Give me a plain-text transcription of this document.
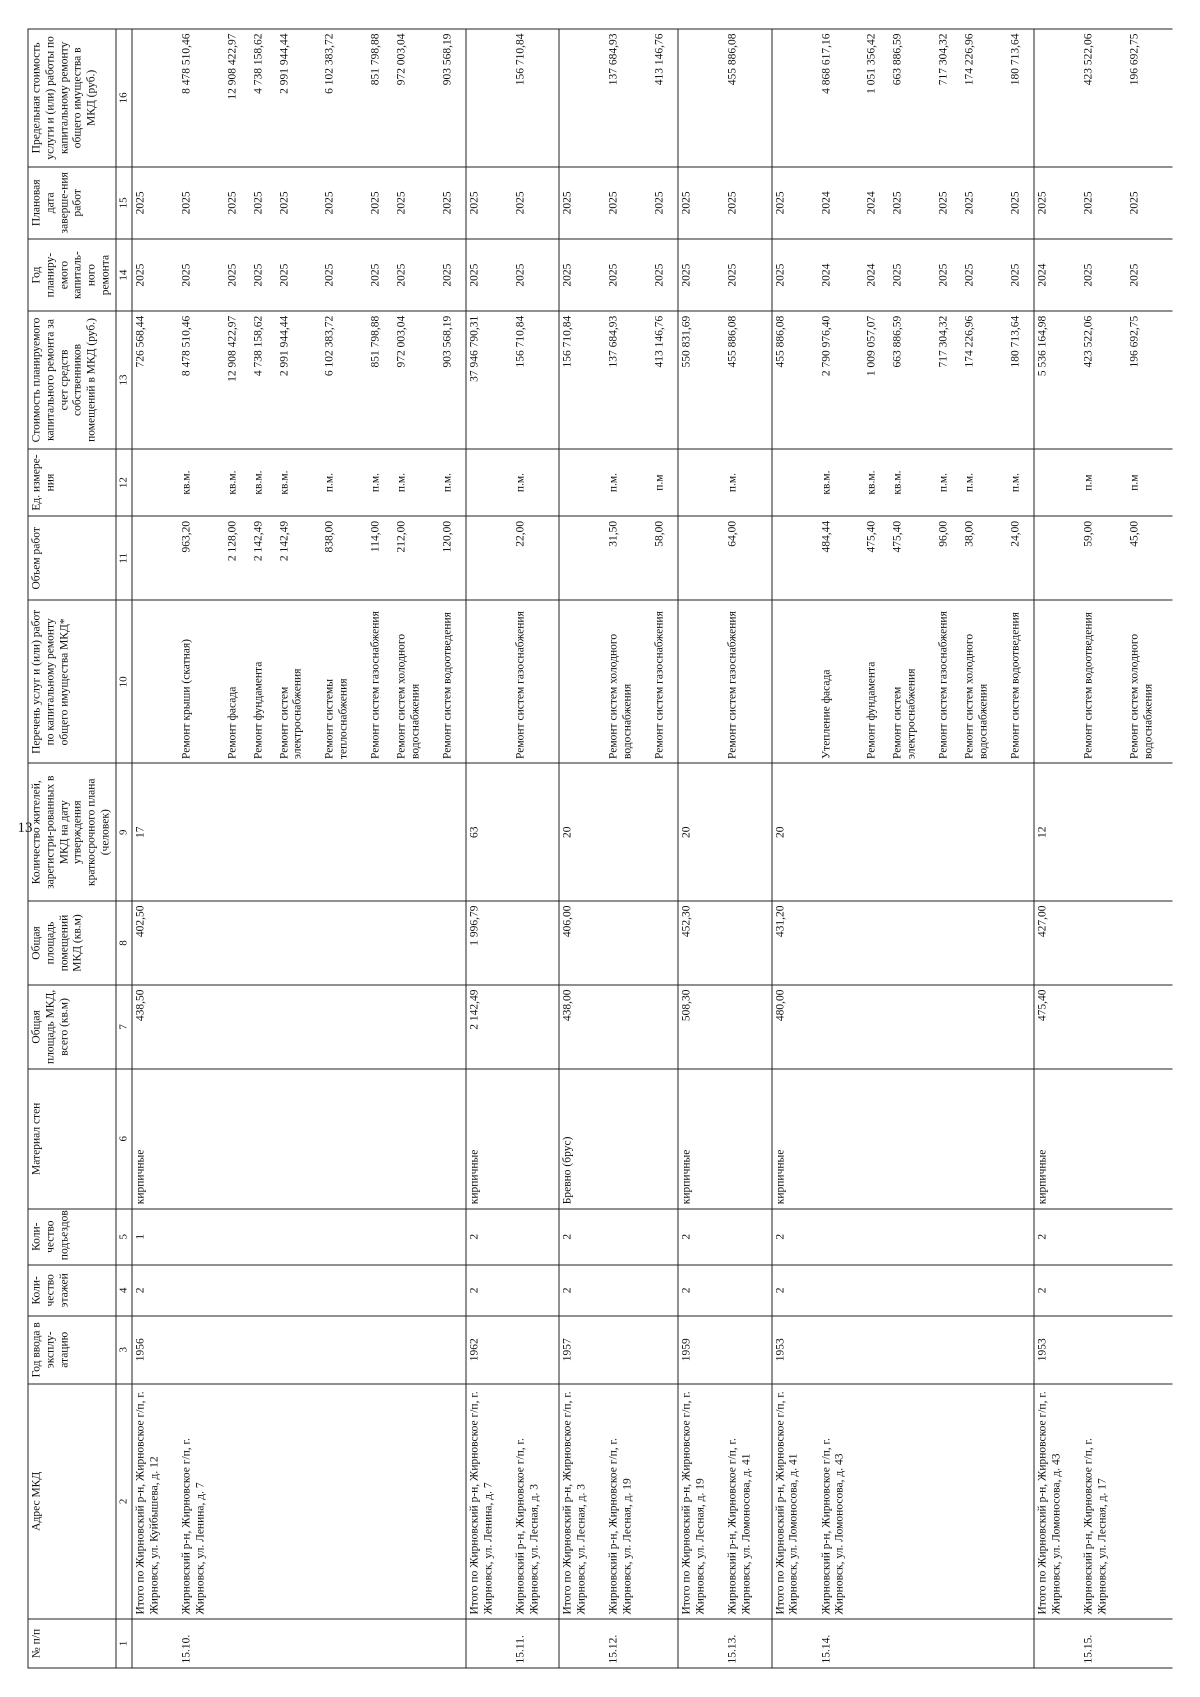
13
№ п/п	Адрес МКД	Год ввода в эксплу-атацию	Коли-чество этажей	Коли-чество подъездов	Материал стен	Общая площадь МКД, всего (кв.м)	Общая площадь помещений МКД (кв.м)	Количество жителей, зарегистри-рованных в МКД на дату утверждения краткосрочного плана (человек)	Перечень услуг и (или) работ по капитальному ремонту общего имущества МКД*	Объем работ	Ед. измере-ния	Стоимость планируемого капитального ремонта за счет средств собственников помещений в МКД (руб.)	Год планиру-емого капиталь-ного ремонта	Плановая дата заверше-ния работ	Предельная стоимость услуги и (или) работы по капитальному ремонту общего имущества в МКД (руб.)
1	2	3	4	5	6	7	8	9	10	11	12	13	14	15	16
	Итого по Жирновский р-н, Жирновское г/п, г. Жирновск, ул. Куйбышева, д. 12	1956	2	1	кирпичные	438,50	402,50	17				726 568,44	2025	2025	
15.10.	Жирновский р-н, Жирновское г/п, г. Жирновск, ул. Ленина, д. 7								Ремонт крыши (скатная)	963,20	кв.м.	8 478 510,46	2025	2025	8 478 510,46
									Ремонт фасада	2 128,00	кв.м.	12 908 422,97	2025	2025	12 908 422,97
									Ремонт фундамента	2 142,49	кв.м.	4 738 158,62	2025	2025	4 738 158,62
									Ремонт систем электроснабжения	2 142,49	кв.м.	2 991 944,44	2025	2025	2 991 944,44
									Ремонт системы теплоснабжения	838,00	п.м.	6 102 383,72	2025	2025	6 102 383,72
									Ремонт систем газоснабжения	114,00	п.м.	851 798,88	2025	2025	851 798,88
									Ремонт систем холодного водоснабжения	212,00	п.м.	972 003,04	2025	2025	972 003,04
									Ремонт систем водоотведения	120,00	п.м.	903 568,19	2025	2025	903 568,19
	Итого по Жирновский р-н, Жирновское г/п, г. Жирновск, ул. Ленина, д. 7	1962	2	2	кирпичные	2 142,49	1 996,79	63				37 946 790,31	2025	2025	
15.11.	Жирновский р-н, Жирновское г/п, г. Жирновск, ул. Лесная, д. 3								Ремонт систем газоснабжения	22,00	п.м.	156 710,84	2025	2025	156 710,84
	Итого по Жирновский р-н, Жирновское г/п, г. Жирновск, ул. Лесная, д. 3	1957	2	2	Бревно (брус)	438,00	406,00	20				156 710,84	2025	2025	
15.12.	Жирновский р-н, Жирновское г/п, г. Жирновск, ул. Лесная, д. 19								Ремонт систем холодного водоснабжения	31,50	п.м.	137 684,93	2025	2025	137 684,93
									Ремонт систем газоснабжения	58,00	п.м	413 146,76	2025	2025	413 146,76
	Итого по Жирновский р-н, Жирновское г/п, г. Жирновск, ул. Лесная, д. 19	1959	2	2	кирпичные	508,30	452,30	20				550 831,69	2025	2025	
15.13.	Жирновский р-н, Жирновское г/п, г. Жирновск, ул. Ломоносова, д. 41								Ремонт систем газоснабжения	64,00	п.м.	455 886,08	2025	2025	455 886,08
	Итого по Жирновский р-н, Жирновское г/п, г. Жирновск, ул. Ломоносова, д. 41	1953	2	2	кирпичные	480,00	431,20	20				455 886,08	2025	2025	
15.14.	Жирновский р-н, Жирновское г/п, г. Жирновск, ул. Ломоносова, д. 43								Утепление фасада	484,44	кв.м.	2 790 976,40	2024	2024	4 868 617,16
									Ремонт фундамента	475,40	кв.м.	1 009 057,07	2024	2024	1 051 356,42
									Ремонт систем электроснабжения	475,40	кв.м.	663 886,59	2025	2025	663 886,59
									Ремонт систем газоснабжения	96,00	п.м.	717 304,32	2025	2025	717 304,32
									Ремонт систем холодного водоснабжения	38,00	п.м.	174 226,96	2025	2025	174 226,96
									Ремонт систем водоотведения	24,00	п.м.	180 713,64	2025	2025	180 713,64
	Итого по Жирновский р-н, Жирновское г/п, г. Жирновск, ул. Ломоносова, д. 43	1953	2	2	кирпичные	475,40	427,00	12				5 536 164,98	2024	2025	
15.15.	Жирновский р-н, Жирновское г/п, г. Жирновск, ул. Лесная, д. 17								Ремонт систем водоотведения	59,00	п.м	423 522,06	2025	2025	423 522,06
									Ремонт систем холодного водоснабжения	45,00	п.м	196 692,75	2025	2025	196 692,75
